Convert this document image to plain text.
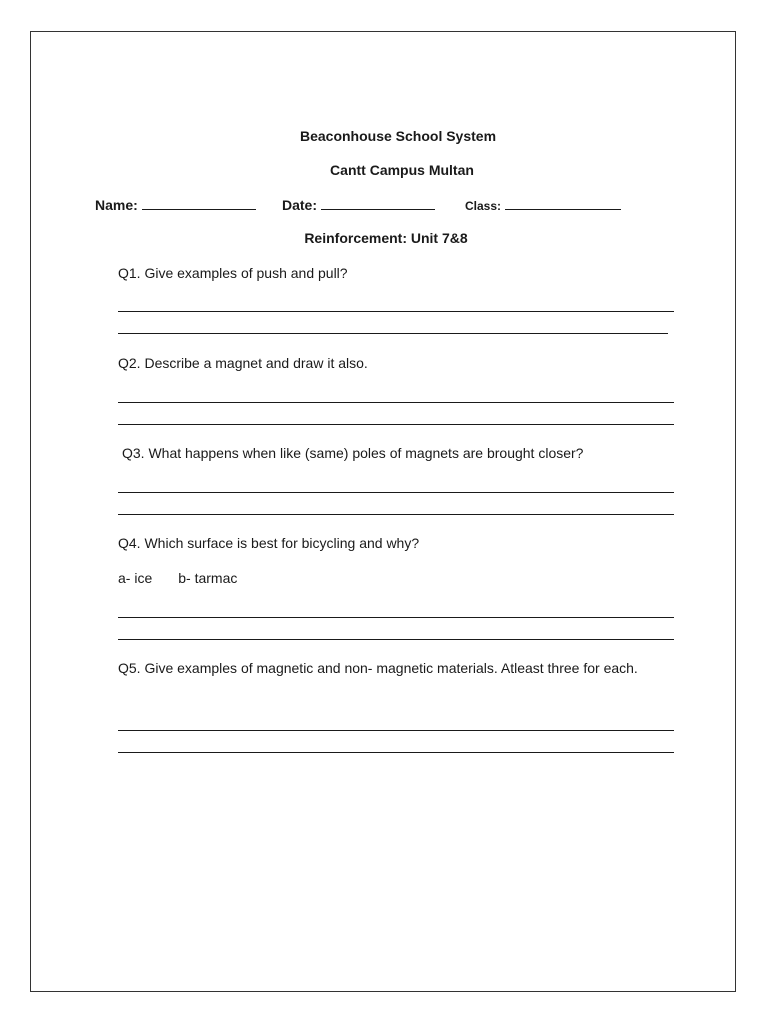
Beaconhouse School System
Cantt Campus Multan
Name:	Date:	Class:
Reinforcement: Unit 7&8
Q1. Give examples of push and pull?
Q2. Describe a magnet and draw it also.
Q3. What happens when like (same) poles of magnets are brought closer?
Q4. Which surface is best for bicycling and why?
a- ice b- tarmac
Q5. Give examples of magnetic and non- magnetic materials. Atleast three for each.
